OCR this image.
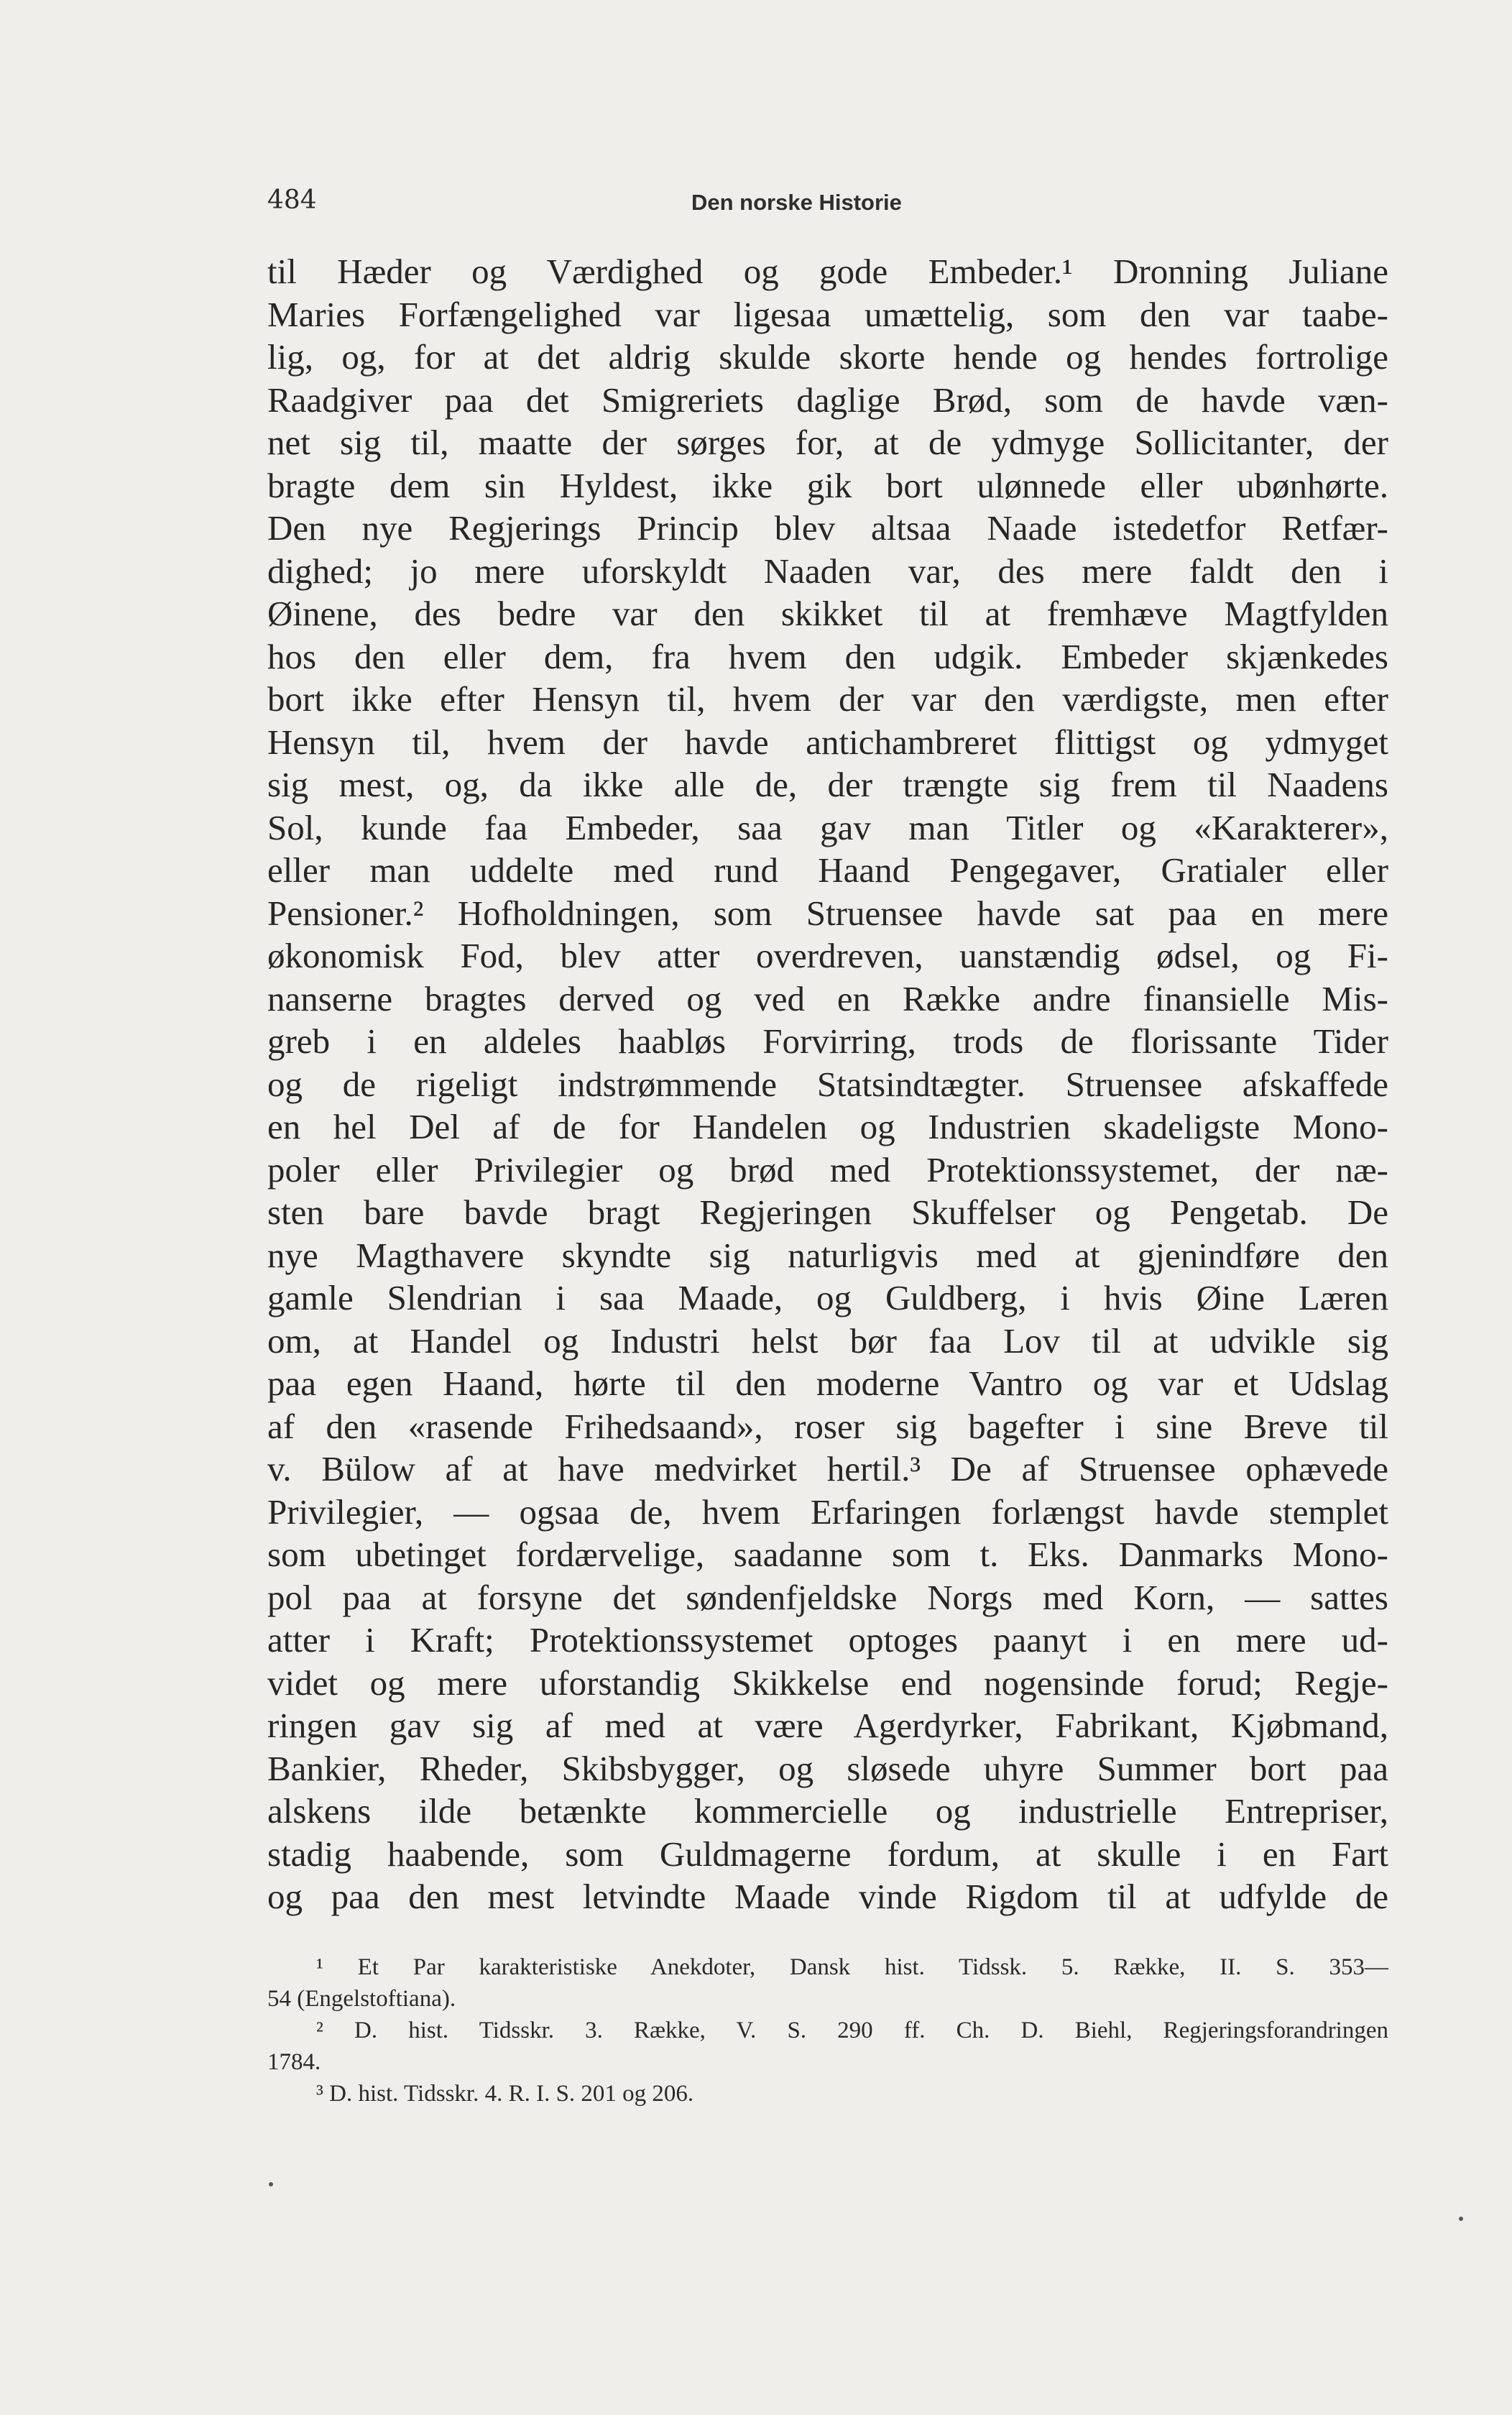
484	Den norske Historie
til Hæder og Værdighed og gode Embeder.¹ Dronning Juliane
Maries Forfængelighed var ligesaa umættelig, som den var taabe-
lig, og, for at det aldrig skulde skorte hende og hendes fortrolige
Raadgiver paa det Smigreriets daglige Brød, som de havde væn-
net sig til, maatte der sørges for, at de ydmyge Sollicitanter, der
bragte dem sin Hyldest, ikke gik bort ulønnede eller ubønhørte.
Den nye Regjerings Princip blev altsaa Naade istedetfor Retfær-
dighed; jo mere uforskyldt Naaden var, des mere faldt den i
Øinene, des bedre var den skikket til at fremhæve Magtfylden
hos den eller dem, fra hvem den udgik. Embeder skjænkedes
bort ikke efter Hensyn til, hvem der var den værdigste, men efter
Hensyn til, hvem der havde antichambreret flittigst og ydmyget
sig mest, og, da ikke alle de, der trængte sig frem til Naadens
Sol, kunde faa Embeder, saa gav man Titler og «Karakterer»,
eller man uddelte med rund Haand Pengegaver, Gratialer eller
Pensioner.² Hofholdningen, som Struensee havde sat paa en mere
økonomisk Fod, blev atter overdreven, uanstændig ødsel, og Fi-
nanserne bragtes derved og ved en Række andre finansielle Mis-
greb i en aldeles haabløs Forvirring, trods de florissante Tider
og de rigeligt indstrømmende Statsindtægter. Struensee afskaffede
en hel Del af de for Handelen og Industrien skadeligste Mono-
poler eller Privilegier og brød med Protektionssystemet, der næ-
sten bare bavde bragt Regjeringen Skuffelser og Pengetab. De
nye Magthavere skyndte sig naturligvis med at gjenindføre den
gamle Slendrian i saa Maade, og Guldberg, i hvis Øine Læren
om, at Handel og Industri helst bør faa Lov til at udvikle sig
paa egen Haand, hørte til den moderne Vantro og var et Udslag
af den «rasende Frihedsaand», roser sig bagefter i sine Breve til
v. Bülow af at have medvirket hertil.³ De af Struensee ophævede
Privilegier, — ogsaa de, hvem Erfaringen forlængst havde stemplet
som ubetinget fordærvelige, saadanne som t. Eks. Danmarks Mono-
pol paa at forsyne det søndenfjeldske Norgs med Korn, — sattes
atter i Kraft; Protektionssystemet optoges paanyt i en mere ud-
videt og mere uforstandig Skikkelse end nogensinde forud; Regje-
ringen gav sig af med at være Agerdyrker, Fabrikant, Kjøbmand,
Bankier, Rheder, Skibsbygger, og sløsede uhyre Summer bort paa
alskens ilde betænkte kommercielle og industrielle Entrepriser,
stadig haabende, som Guldmagerne fordum, at skulle i en Fart
og paa den mest letvindte Maade vinde Rigdom til at udfylde de
¹ Et Par karakteristiske Anekdoter, Dansk hist. Tidssk. 5. Række, II. S. 353—
54 (Engelstoftiana).
² D. hist. Tidsskr. 3. Række, V. S. 290 ff. Ch. D. Biehl, Regjeringsforandringen
1784.
³ D. hist. Tidsskr. 4. R. I. S. 201 og 206.
